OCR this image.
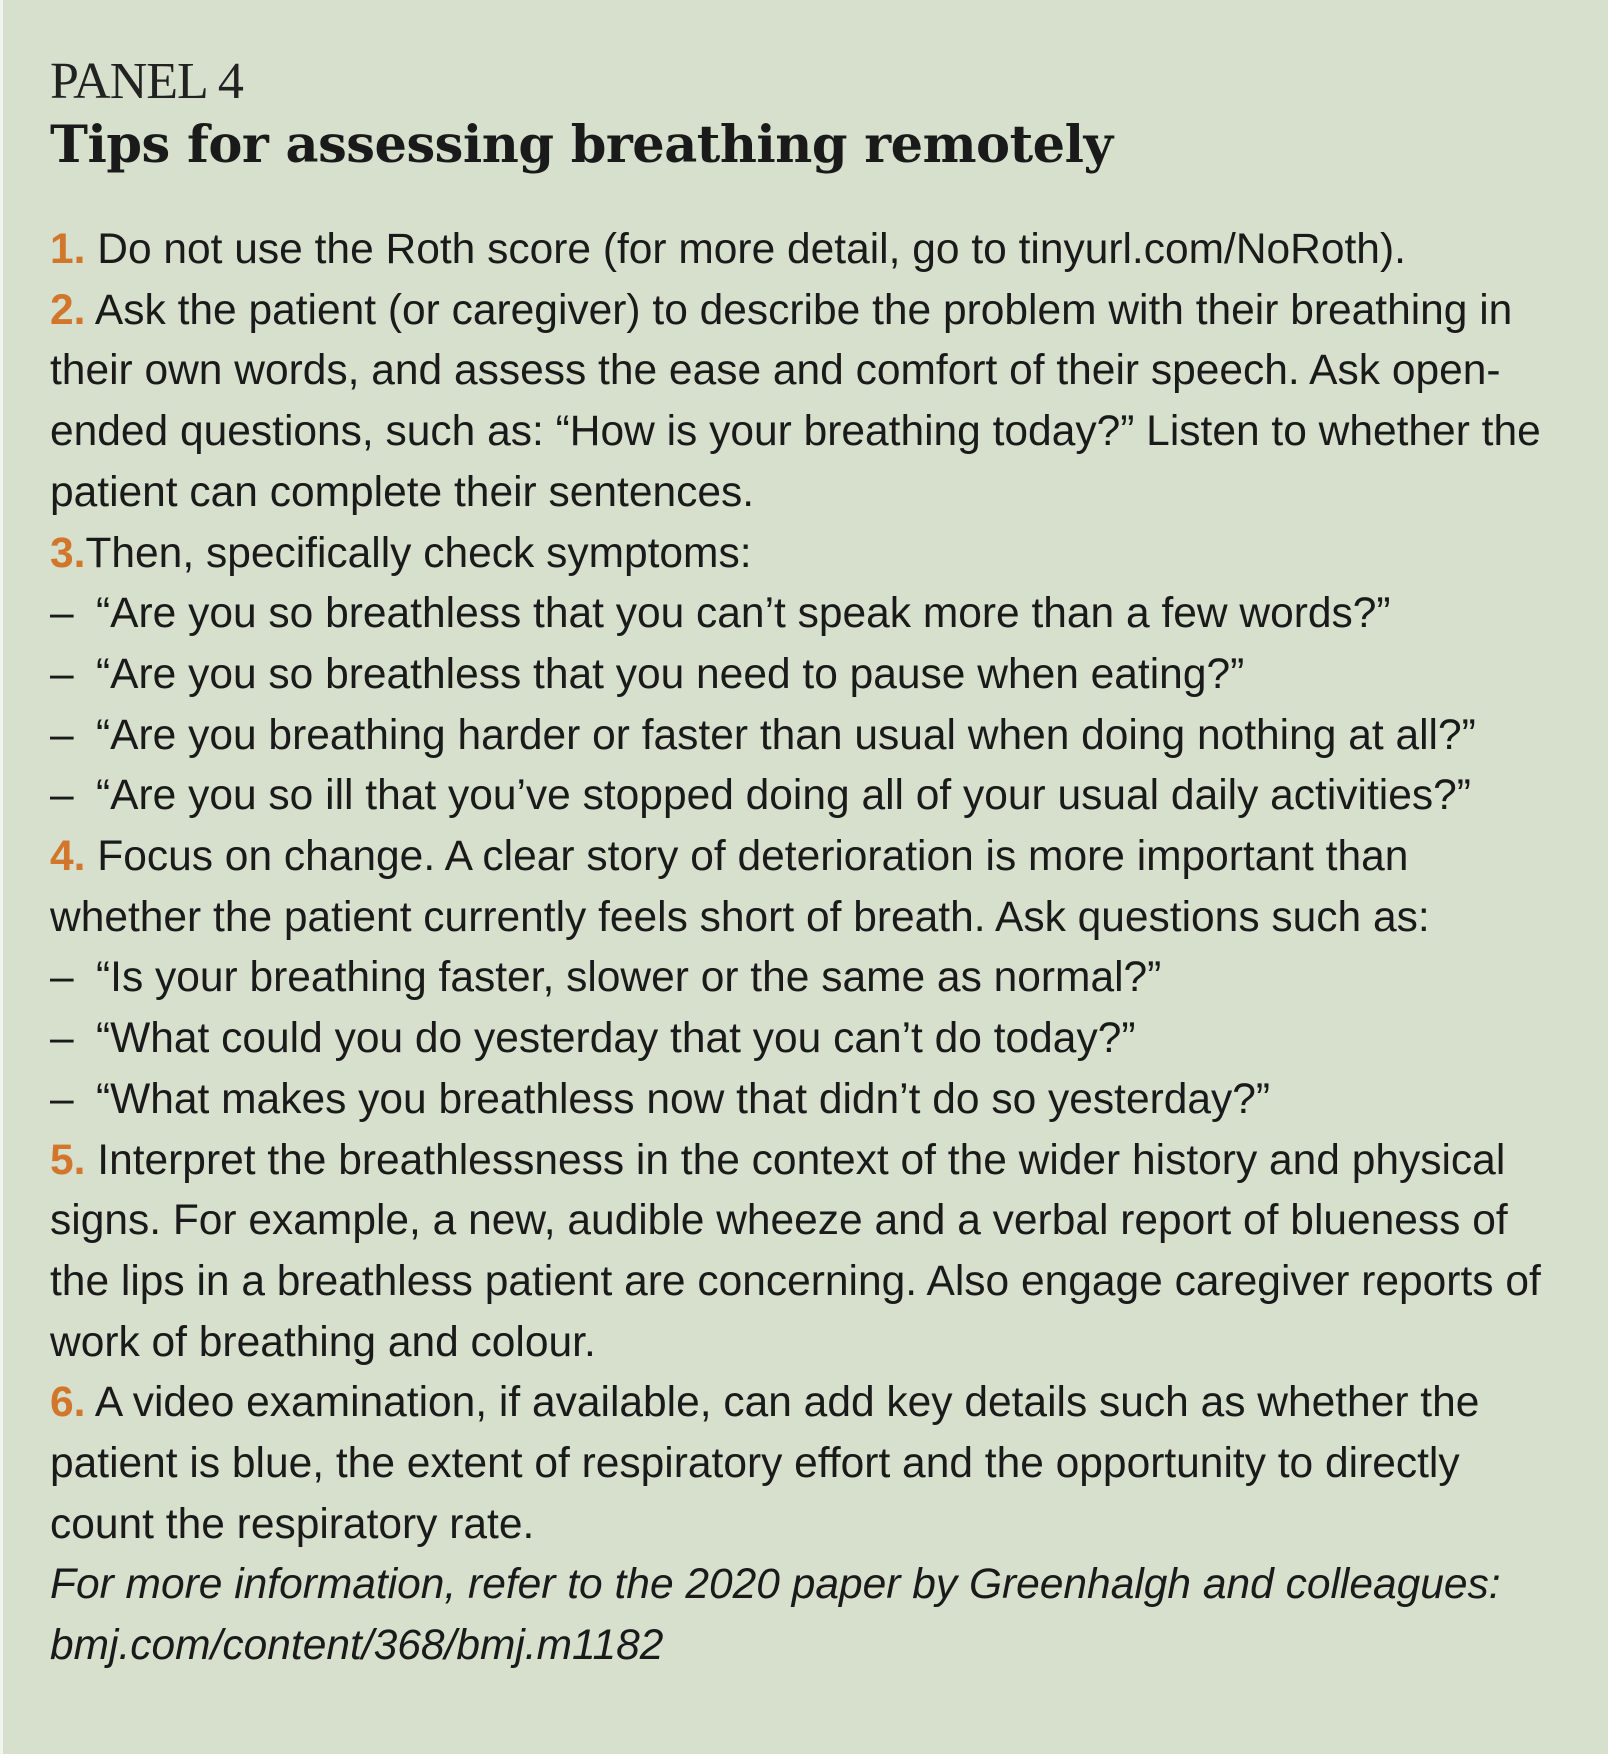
PANEL 4
Tips for assessing breathing remotely

1. Do not use the Roth score (for more detail, go to tinyurl.com/NoRoth).

2. Ask the patient (or caregiver) to describe the problem with their breathing in their own words, and assess the ease and comfort of their speech. Ask open-ended questions, such as: “How is your breathing today?” Listen to whether the patient can complete their sentences.

3.Then, specifically check symptoms:

– “Are you so breathless that you can’t speak more than a few words?”

– “Are you so breathless that you need to pause when eating?”

– “Are you breathing harder or faster than usual when doing nothing at all?”

– “Are you so ill that you’ve stopped doing all of your usual daily activities?”

4. Focus on change. A clear story of deterioration is more important than whether the patient currently feels short of breath. Ask questions such as:

– “Is your breathing faster, slower or the same as normal?”

– “What could you do yesterday that you can’t do today?”

– “What makes you breathless now that didn’t do so yesterday?”

5. Interpret the breathlessness in the context of the wider history and physical signs. For example, a new, audible wheeze and a verbal report of blueness of the lips in a breathless patient are concerning. Also engage caregiver reports of work of breathing and colour.

6. A video examination, if available, can add key details such as whether the patient is blue, the extent of respiratory effort and the opportunity to directly count the respiratory rate.

For more information, refer to the 2020 paper by Greenhalgh and colleagues: bmj.com/content/368/bmj.m1182
